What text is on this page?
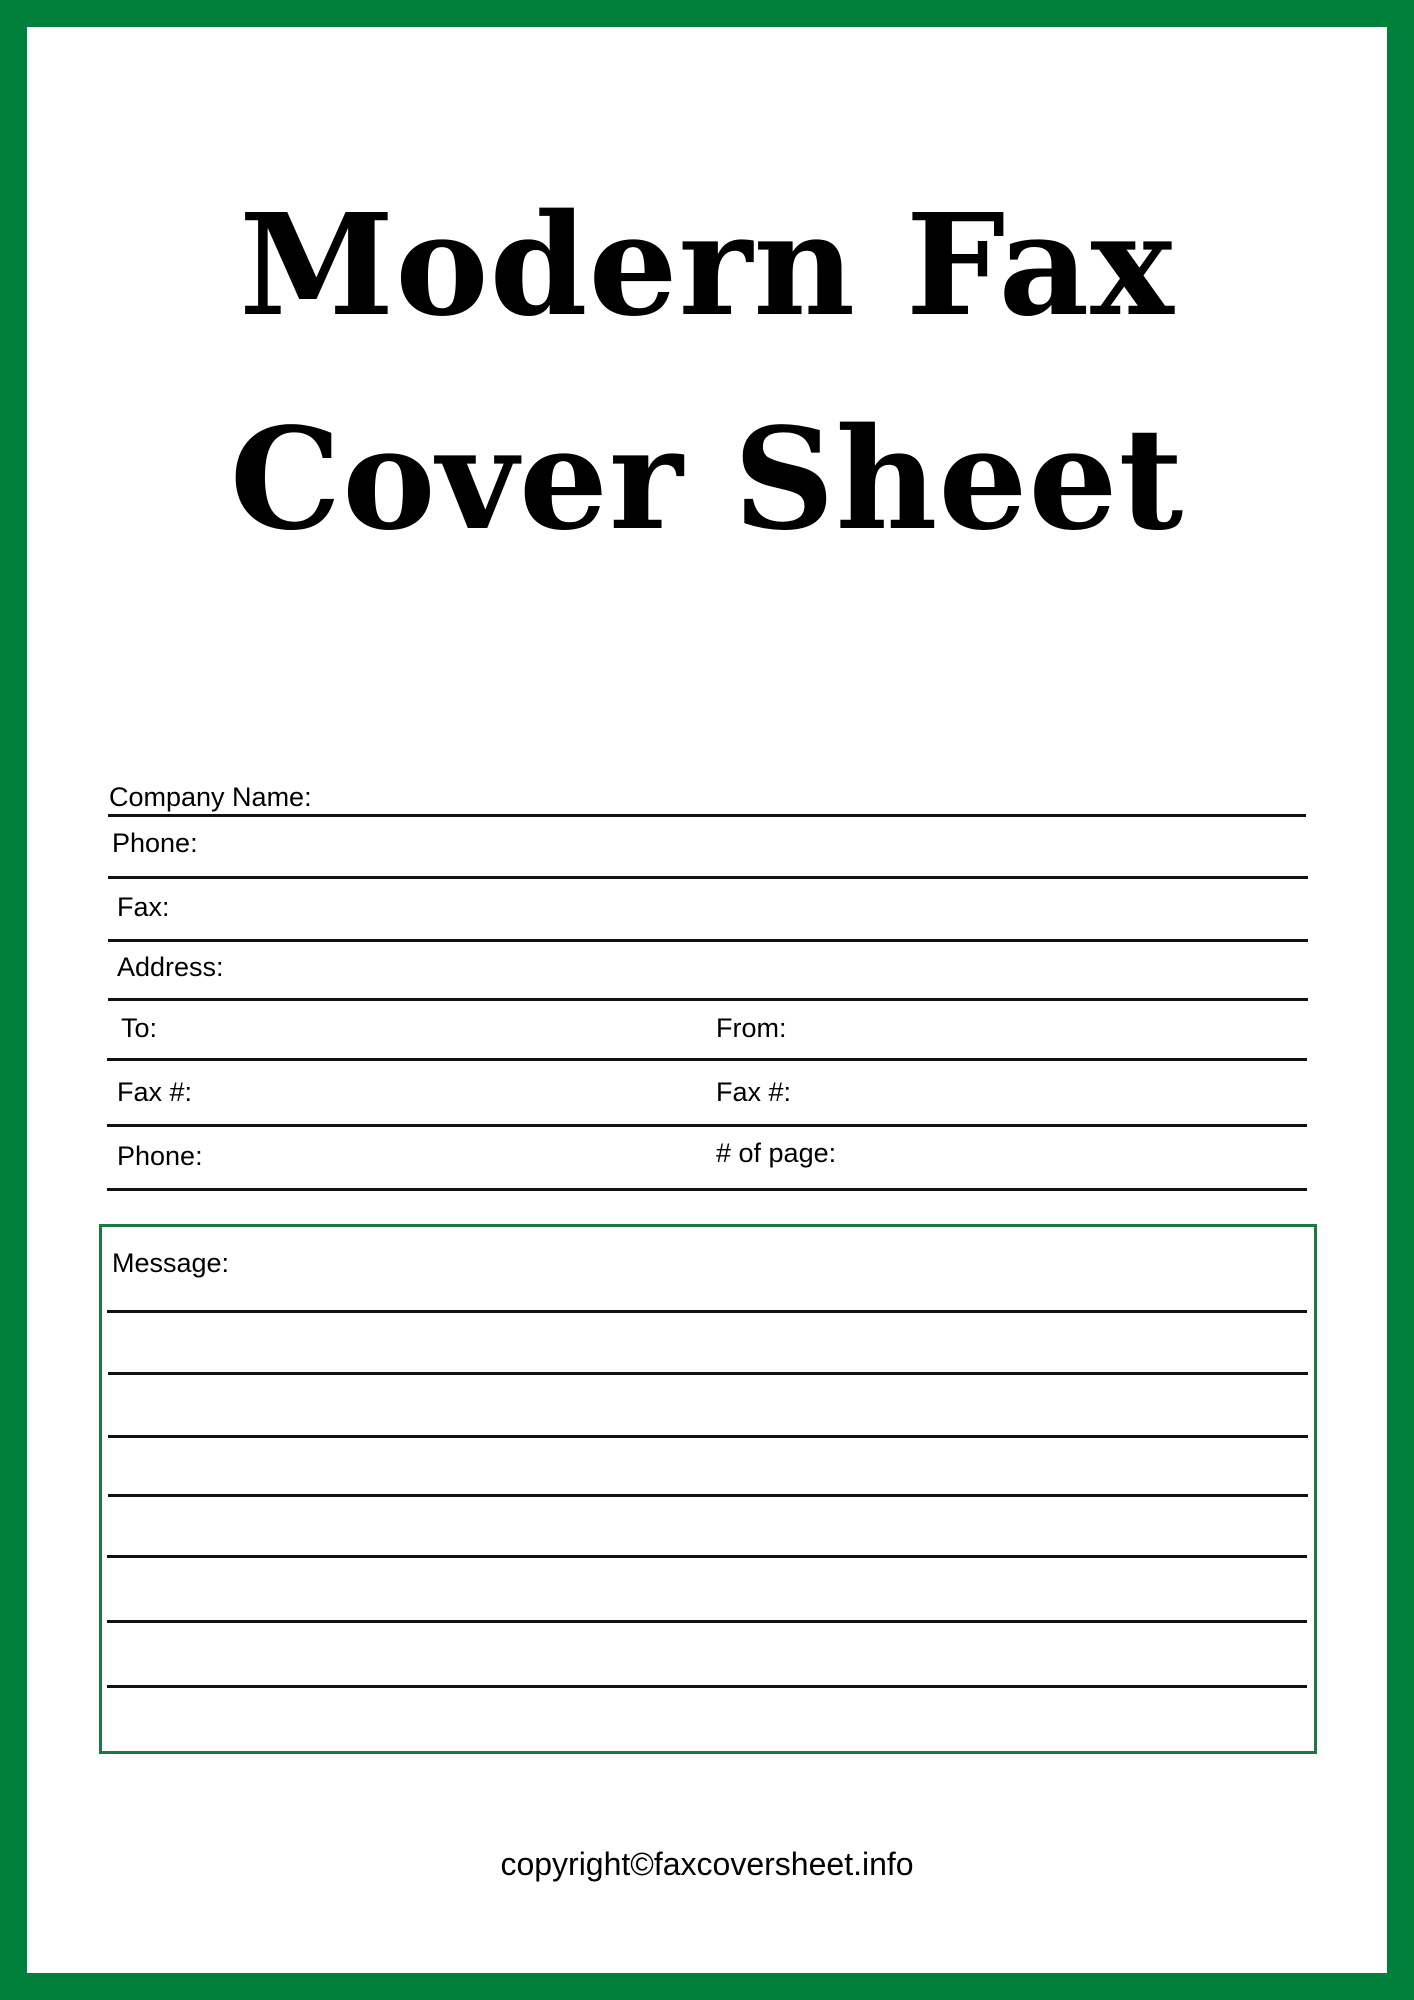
Modern Fax
Cover Sheet
Company Name:
Phone:
Fax:
Address:
To:	From:
Fax #:	Fax #:
Phone:	# of page:
Message:
copyright©faxcoversheet.info
